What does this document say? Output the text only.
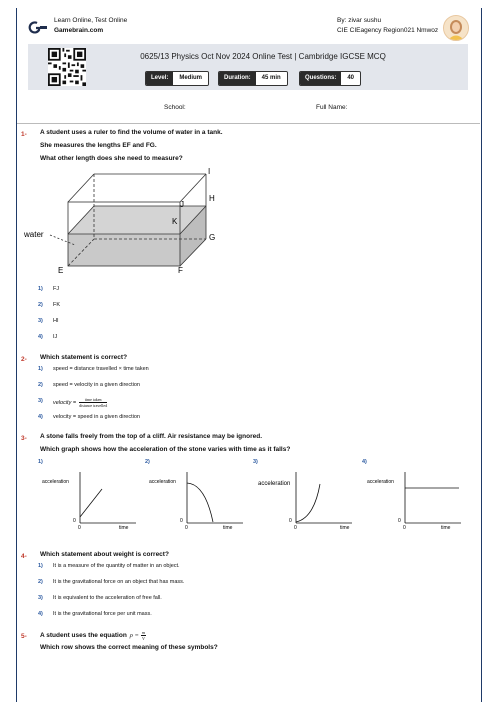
Learn Online, Test Online
Gamebrain.com
By: zivar sushu
CIE CIEagency Region021 Nmwoz
0625/13 Physics Oct Nov 2024 Online Test | Cambridge IGCSE MCQ
Level:	Medium	Duration:	45 min	Questions:	40
School:	Full Name:
1- A student uses a ruler to find the volume of water in a tank.
She measures the lengths EF and FG.
What other length does she need to measure?
water
E	F
G
H
I
J
K
1) FJ
2) FK
3) HI
4) IJ
2- Which statement is correct?
1) speed = distance travelled × time taken
2) speed = velocity in a given direction
3) velocity = time taken
distance travelled
4) velocity = speed in a given direction
3- A stone falls freely from the top of a cliff. Air resistance may be ignored.
Which graph shows how the acceleration of the stone varies with time as it falls?
1)	2)	3)	4)
acceleration
0
0	time
acceleration
0
0	time
acceleration
0
0	time
acceleration
0
0	time
4- Which statement about weight is correct?
1) It is a measure of the quantity of matter in an object.
2) It is the gravitational force on an object that has mass.
3) It is equivalent to the acceleration of free fall.
4) It is the gravitational force per unit mass.
5- A student uses the equation $\rho = \frac{m}{V}$
Which row shows the correct meaning of these symbols?
